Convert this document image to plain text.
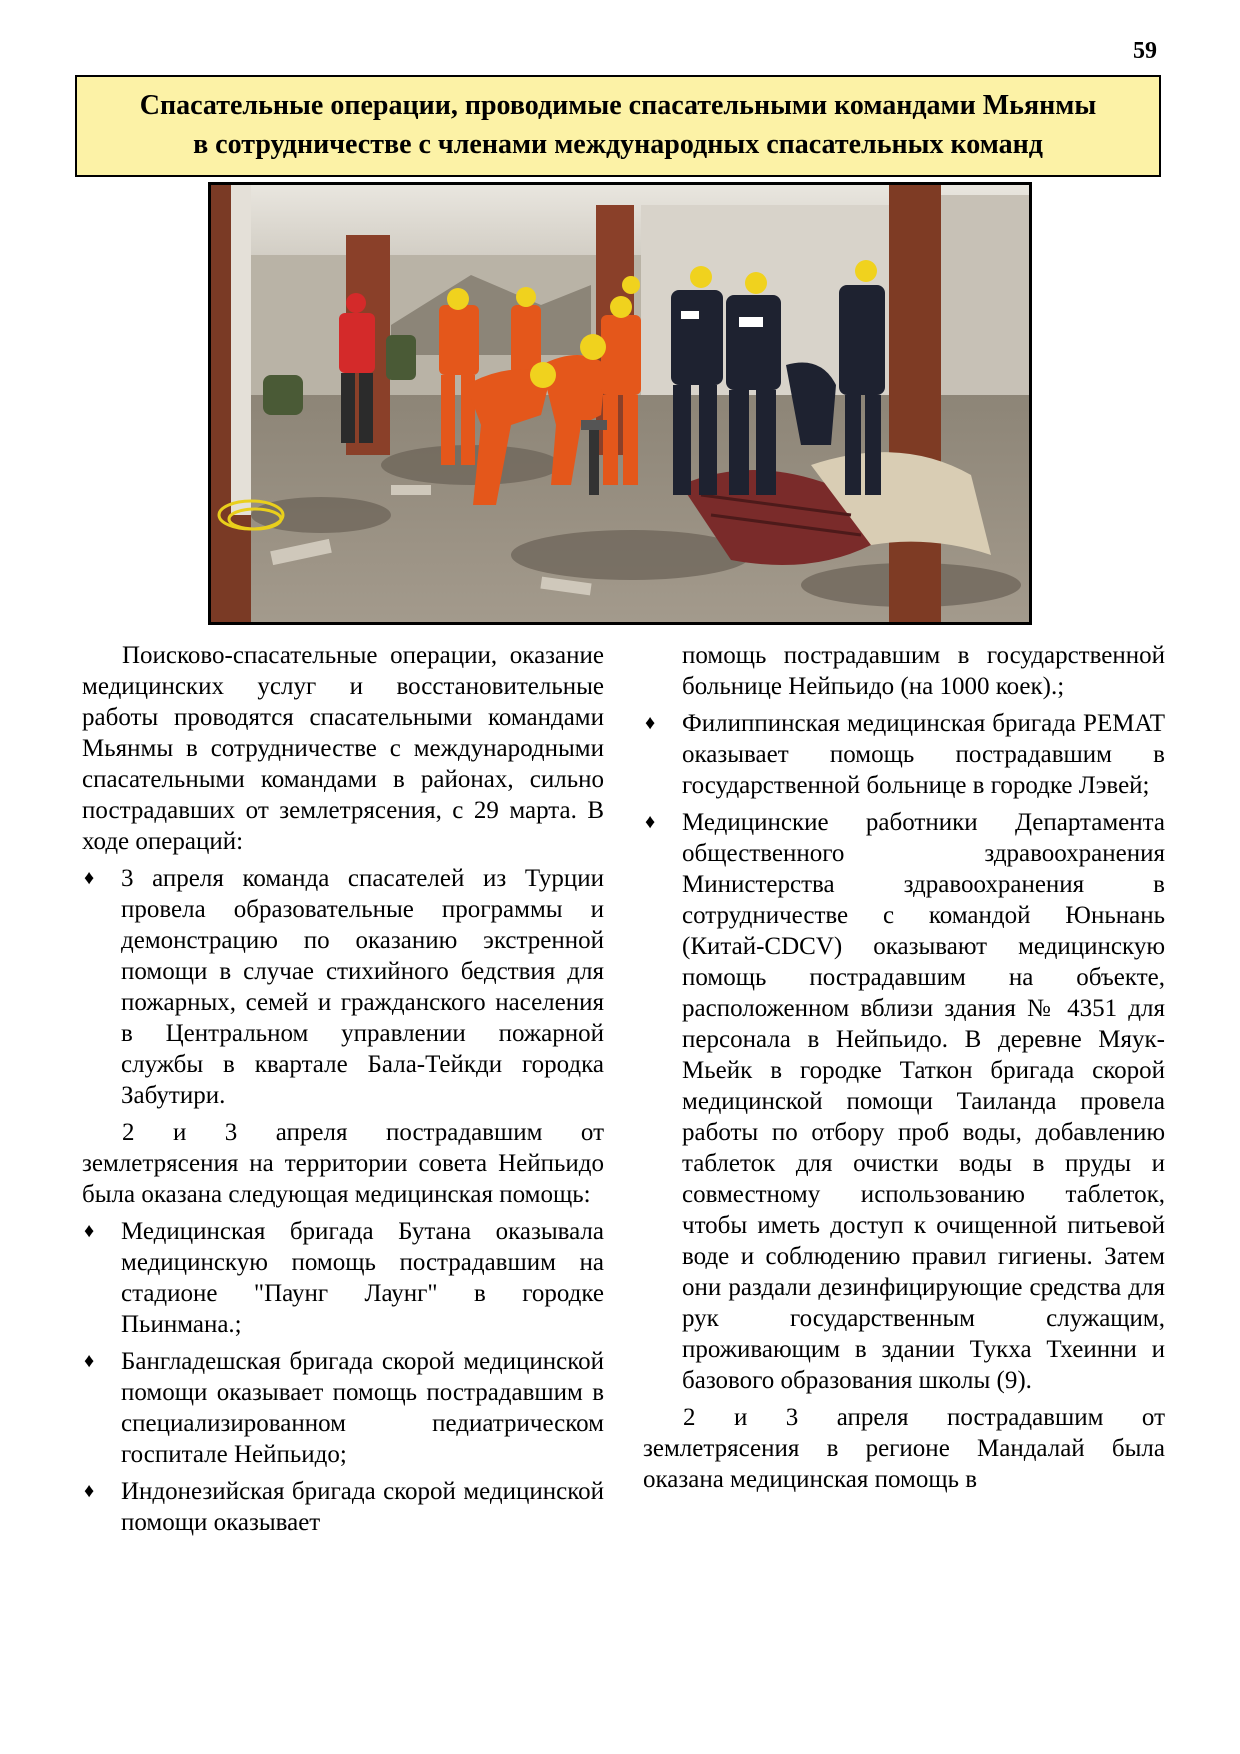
59
Спасательные операции, проводимые спасательными командами Мьянмы
в сотрудничестве с членами международных спасательных команд

Поисково-спасательные операции, оказание медицинских услуг и восстановительные работы проводятся спасательными командами Мьянмы в сотрудничестве с международными спасательными командами в районах, сильно пострадавших от землетрясения, с 29 марта. В ходе операций:

♦ 3 апреля команда спасателей из Турции провела образовательные программы и демонстрацию по оказанию экстренной помощи в случае стихийного бедствия для пожарных, семей и гражданского населения в Центральном управлении пожарной службы в квартале Бала-Тейкди городка Забутири.

2 и 3 апреля пострадавшим от землетрясения на территории совета Нейпьидо была оказана следующая медицинская помощь:

♦ Медицинская бригада Бутана оказывала медицинскую помощь пострадавшим на стадионе "Паунг Лаунг" в городке Пьинмана.;
♦ Бангладешская бригада скорой медицинской помощи оказывает помощь пострадавшим в специализированном педиатрическом госпитале Нейпьидо;
♦ Индонезийская бригада скорой медицинской помощи оказывает

помощь пострадавшим в государственной больнице Нейпьидо (на 1000 коек).;

♦ Филиппинская медицинская бригада PEMAT оказывает помощь пострадавшим в государственной больнице в городке Лэвей;
♦ Медицинские работники Департамента общественного здравоохранения Министерства здравоохранения в сотрудничестве с командой Юньнань (Китай-CDCV) оказывают медицинскую помощь пострадавшим на объекте, расположенном вблизи здания № 4351 для персонала в Нейпьидо. В деревне Мяук-Мьейк в городке Таткон бригада скорой медицинской помощи Таиланда провела работы по отбору проб воды, добавлению таблеток для очистки воды в пруды и совместному использованию таблеток, чтобы иметь доступ к очищенной питьевой воде и соблюдению правил гигиены. Затем они раздали дезинфицирующие средства для рук государственным служащим, проживающим в здании Тукха Тхеинни и базового образования школы (9).

2 и 3 апреля пострадавшим от землетрясения в регионе Мандалай была оказана медицинская помощь в
